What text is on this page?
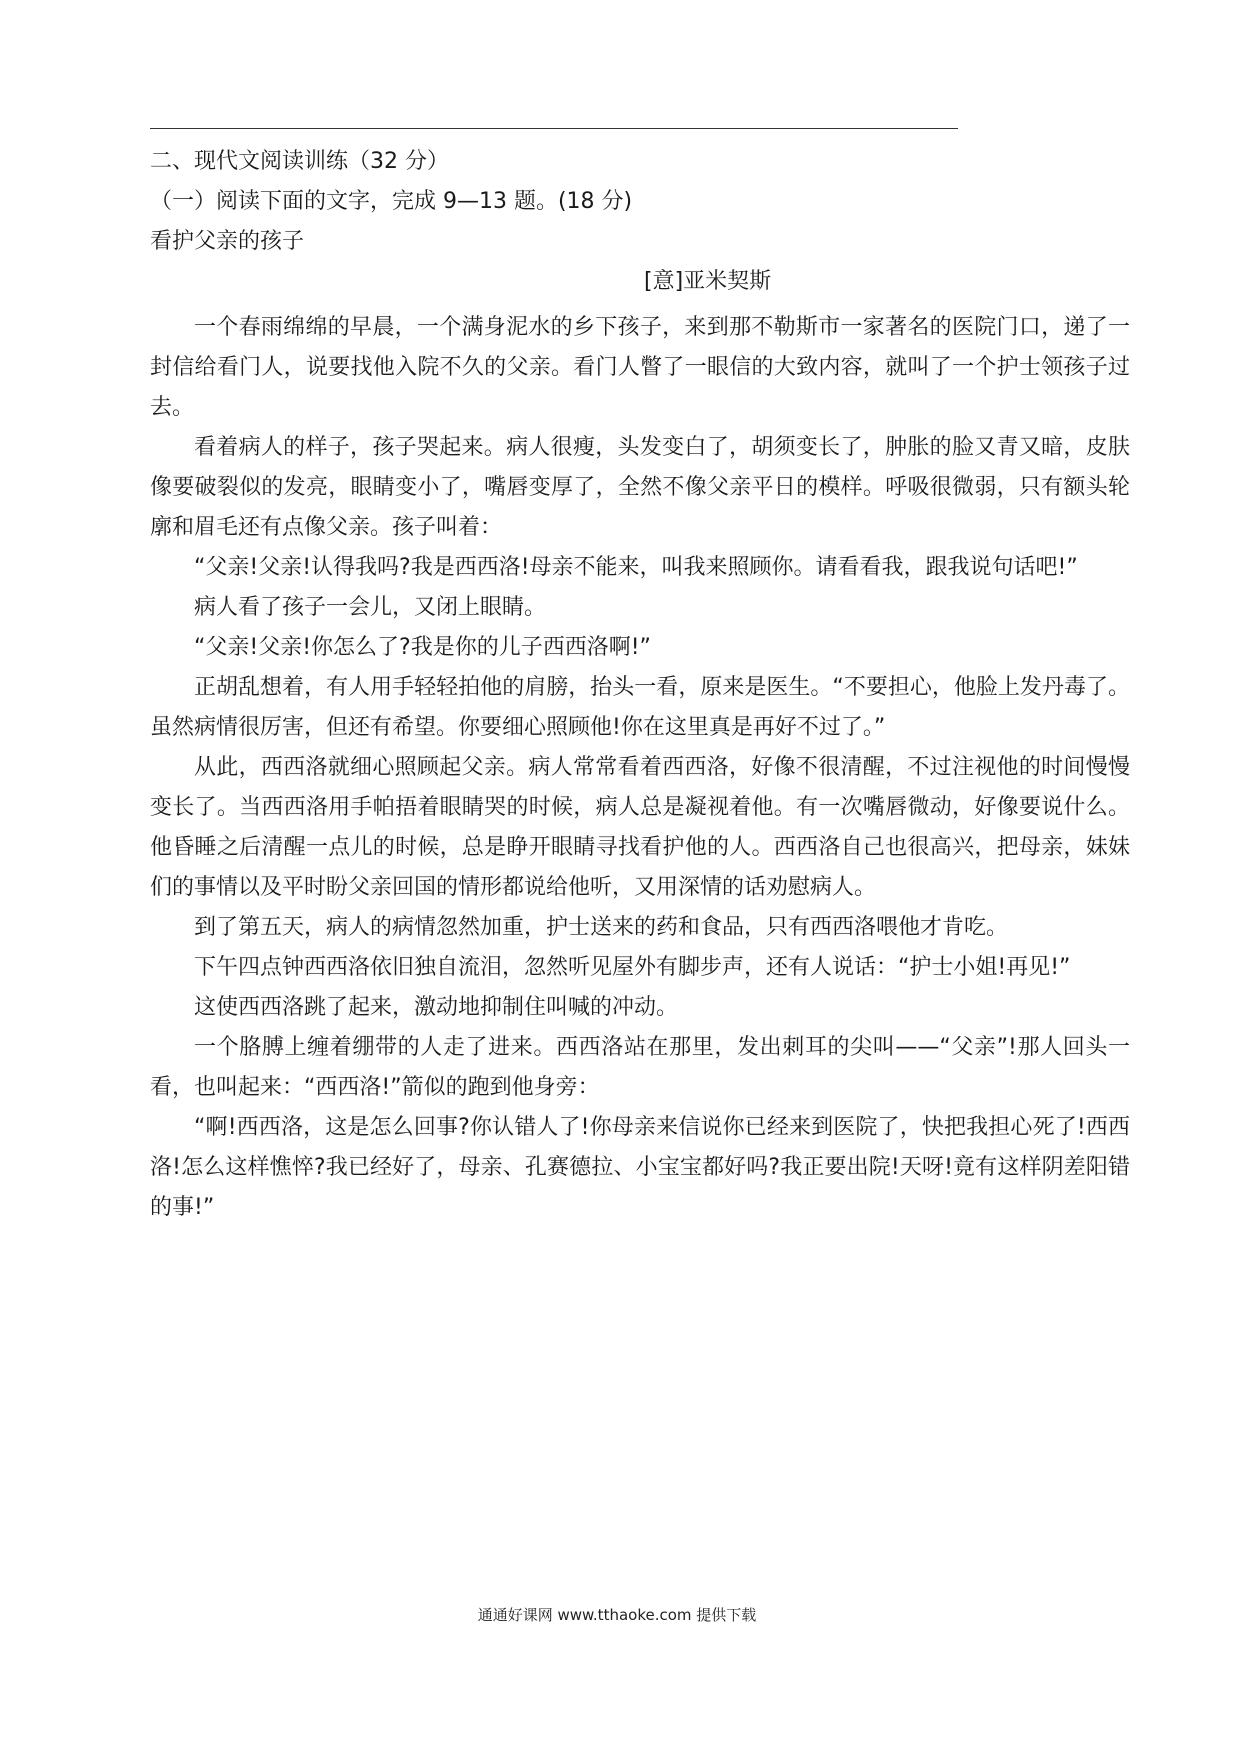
二、现代文阅读训练（32 分）

（一）阅读下面的文字，完成 9—13 题。(18 分)

看护父亲的孩子

[意]亚米契斯

一个春雨绵绵的早晨，一个满身泥水的乡下孩子，来到那不勒斯市一家著名的医院门口，递了一封信给看门人，说要找他入院不久的父亲。看门人瞥了一眼信的大致内容，就叫了一个护士领孩子过去。

看着病人的样子，孩子哭起来。病人很瘦，头发变白了，胡须变长了，肿胀的脸又青又暗，皮肤像要破裂似的发亮，眼睛变小了，嘴唇变厚了，全然不像父亲平日的模样。呼吸很微弱，只有额头轮廓和眉毛还有点像父亲。孩子叫着：

“父亲!父亲!认得我吗?我是西西洛!母亲不能来，叫我来照顾你。请看看我，跟我说句话吧!”

病人看了孩子一会儿，又闭上眼睛。

“父亲!父亲!你怎么了?我是你的儿子西西洛啊!”

正胡乱想着，有人用手轻轻拍他的肩膀，抬头一看，原来是医生。“不要担心，他脸上发丹毒了。虽然病情很厉害，但还有希望。你要细心照顾他!你在这里真是再好不过了。”

从此，西西洛就细心照顾起父亲。病人常常看着西西洛，好像不很清醒，不过注视他的时间慢慢变长了。当西西洛用手帕捂着眼睛哭的时候，病人总是凝视着他。有一次嘴唇微动，好像要说什么。他昏睡之后清醒一点儿的时候，总是睁开眼睛寻找看护他的人。西西洛自己也很高兴，把母亲，妹妹们的事情以及平时盼父亲回国的情形都说给他听，又用深情的话劝慰病人。

到了第五天，病人的病情忽然加重，护士送来的药和食品，只有西西洛喂他才肯吃。

下午四点钟西西洛依旧独自流泪，忽然听见屋外有脚步声，还有人说话：“护士小姐!再见!”

这使西西洛跳了起来，激动地抑制住叫喊的冲动。

一个胳膊上缠着绷带的人走了进来。西西洛站在那里，发出刺耳的尖叫——“父亲”!那人回头一看，也叫起来：“西西洛!”箭似的跑到他身旁：

“啊!西西洛，这是怎么回事?你认错人了!你母亲来信说你已经来到医院了，快把我担心死了!西西洛!怎么这样憔悴?我已经好了，母亲、孔赛德拉、小宝宝都好吗?我正要出院!天呀!竟有这样阴差阳错的事!”

通通好课网 www.tthaoke.com 提供下载
